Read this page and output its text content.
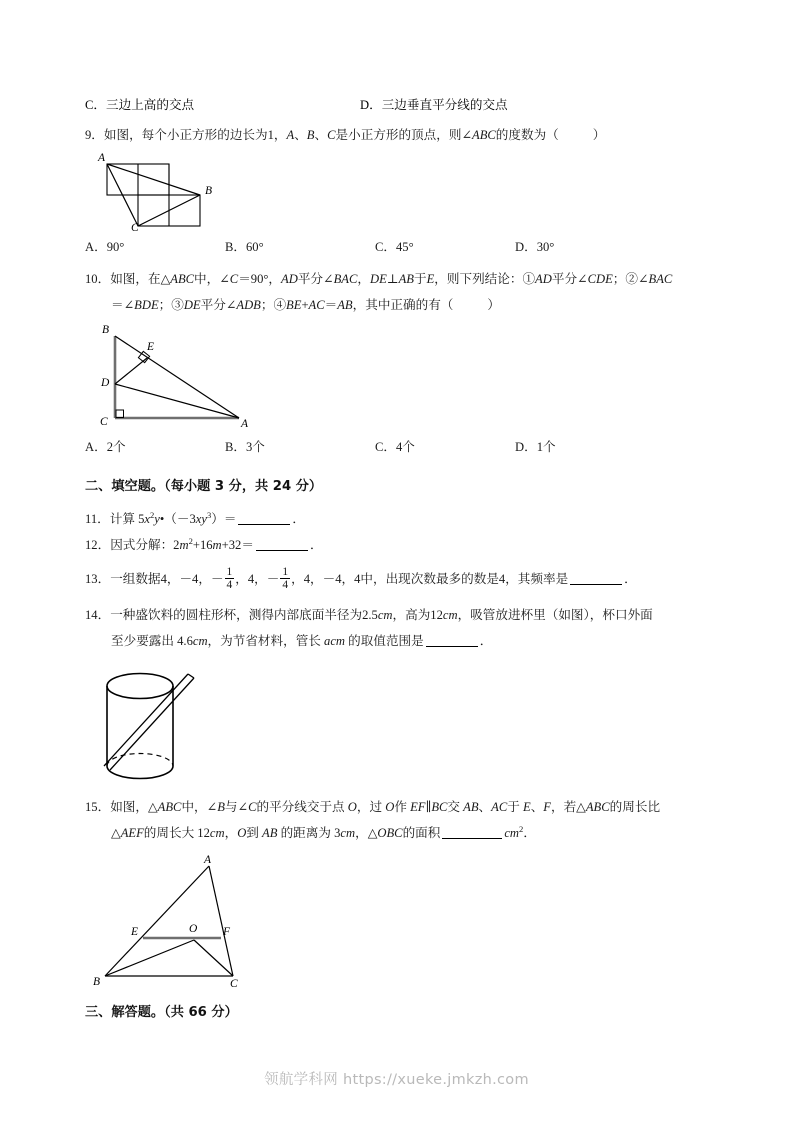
C．三边上高的交点	D．三边垂直平分线的交点
9．如图，每个小正方形的边长为1，A、B、C是小正方形的顶点，则∠ABC的度数为（	）
A
B
C
A．90°	B．60°	C．45°	D．30°
10．如图，在△ABC中，∠C＝90°，AD平分∠BAC，DE⊥AB于E，则下列结论：①AD平分∠CDE；②∠BAC
＝∠BDE；③DE平分∠ADB；④BE+AC＝AB，其中正确的有（	）
B
E
D
C	A
A．2个	B．3个	C．4个	D．1个
二、填空题。（每小题 3 分，共 24 分）
11．计算 $5x^2y•(-3xy^3)=$	．
12．因式分解：$2m^2+16m+32=$	．
13．一组数据4，－4，－ $\frac{1}{4}$ ，4，－ $\frac{1}{4}$ ，4，－4，4中，出现次数最多的数是4，其频率是	．
14．一种盛饮料的圆柱形杯，测得内部底面半径为2.5cm，高为12cm，吸管放进杯里（如图），杯口外面
至少要露出 4.6cm，为节省材料，管长 acm 的取值范围是	．
15．如图，△ABC中，∠B与∠C的平分线交于点 O，过 O作 EF∥BC交 AB、AC于 E、F，若△ABC的周长比
△AEF的周长大 12cm，O到 AB 的距离为 3cm，△OBC的面积	$cm^2$．
A
E	O F
B	C
三、解答题。（共 66 分）
领航学科网 https://xueke.jmkzh.com
